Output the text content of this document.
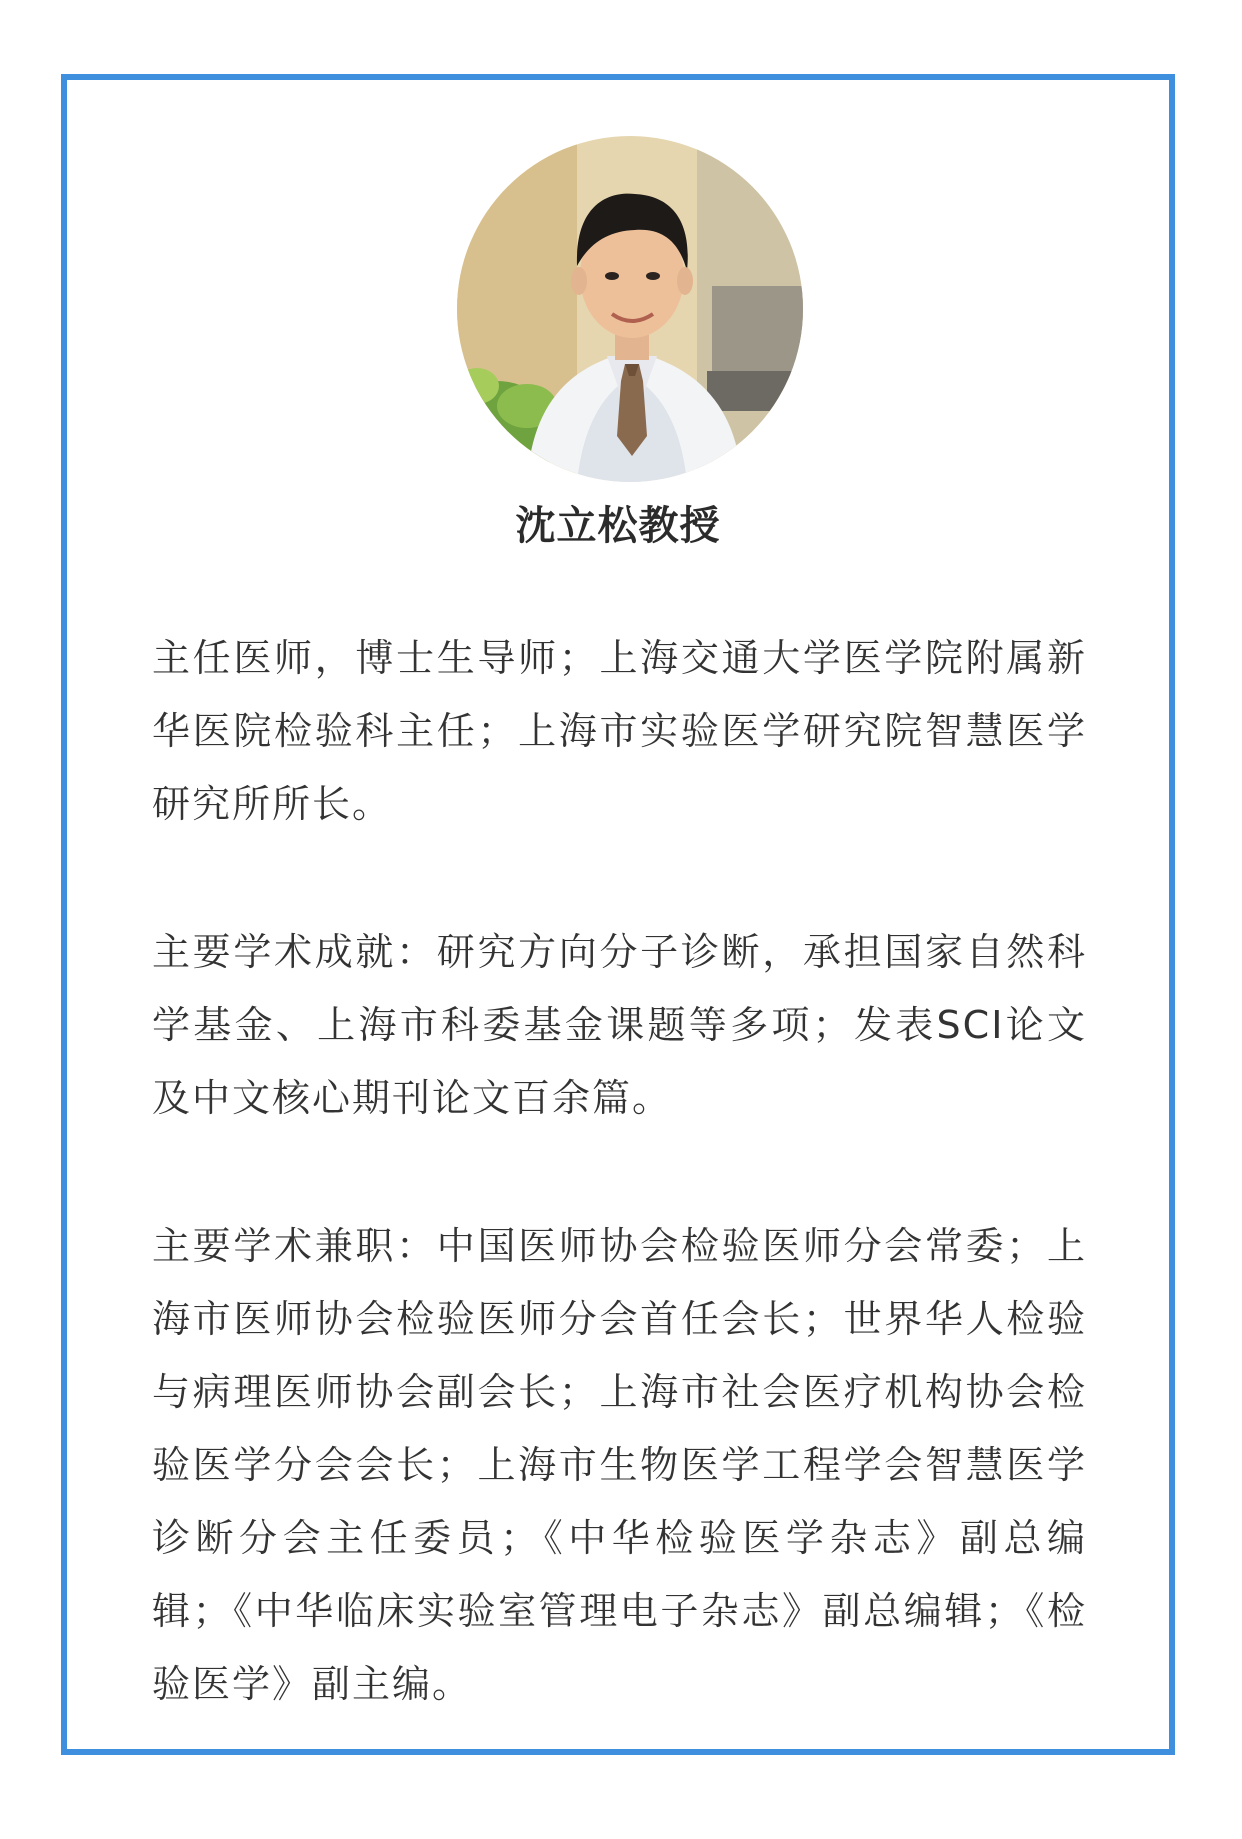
沈立松教授

主任医师，博士生导师；上海交通大学医学院附属新华医院检验科主任；上海市实验医学研究院智慧医学研究所所长。

主要学术成就：研究方向分子诊断，承担国家自然科学基金、上海市科委基金课题等多项；发表SCI论文及中文核心期刊论文百余篇。

主要学术兼职：中国医师协会检验医师分会常委；上海市医师协会检验医师分会首任会长；世界华人检验与病理医师协会副会长；上海市社会医疗机构协会检验医学分会会长；上海市生物医学工程学会智慧医学诊断分会主任委员；《中华检验医学杂志》副总编辑；《中华临床实验室管理电子杂志》副总编辑；《检验医学》副主编。
